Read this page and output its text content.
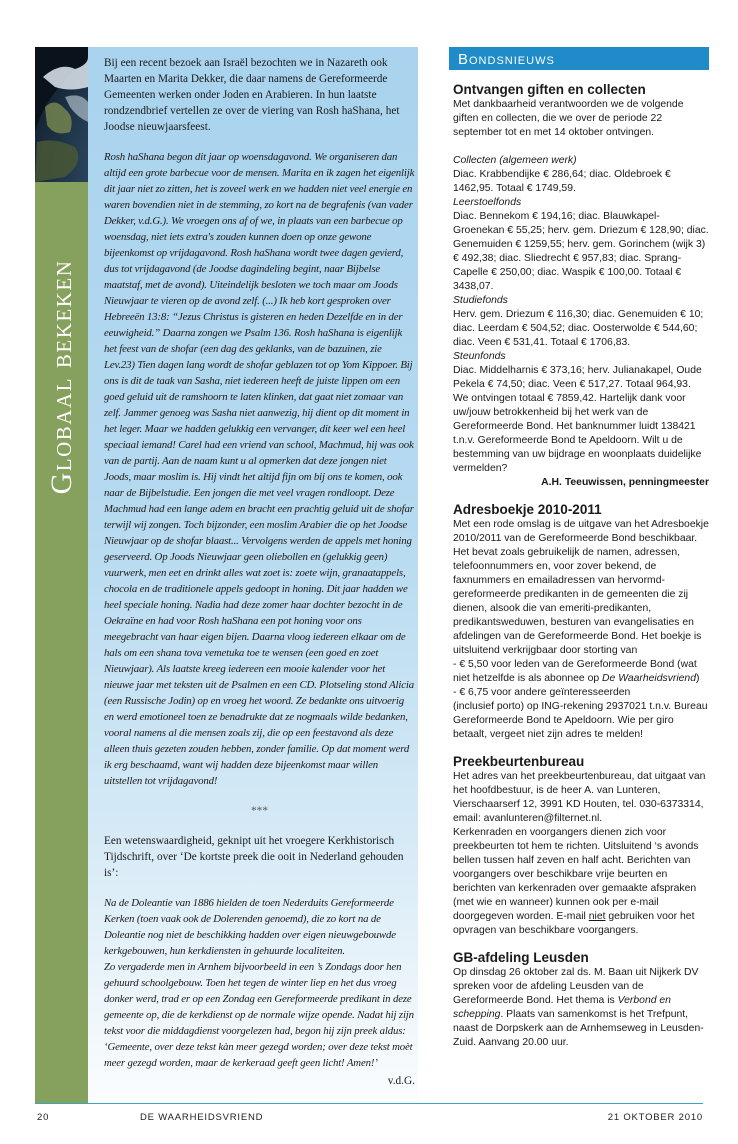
Globaal bekeken

Bij een recent bezoek aan Israël bezochten we in Nazareth ook Maarten en Marita Dekker, die daar namens de Gereformeerde Gemeenten werken onder Joden en Arabieren. In hun laatste rondzendbrief vertellen ze over de viering van Rosh haShana, het Joodse nieuwjaarsfeest.

Rosh haShana begon dit jaar op woensdagavond. We organiseren dan altijd een grote barbecue voor de mensen. Marita en ik zagen het eigenlijk dit jaar niet zo zitten, het is zoveel werk en we hadden niet veel energie en waren bovendien niet in de stemming, zo kort na de begrafenis (van vader Dekker, v.d.G.). We vroegen ons af of we, in plaats van een barbecue op woensdag, niet iets extra's zouden kunnen doen op onze gewone bijeenkomst op vrijdagavond. Rosh haShana wordt twee dagen gevierd, dus tot vrijdagavond (de Joodse dagindeling begint, naar Bijbelse maatstaf, met de avond). Uiteindelijk besloten we toch maar om Joods Nieuwjaar te vieren op de avond zelf. (...) Ik heb kort gesproken over Hebreeën 13:8: “Jezus Christus is gisteren en heden Dezelfde en in der eeuwigheid.” Daarna zongen we Psalm 136. Rosh haShana is eigenlijk het feest van de shofar (een dag des geklanks, van de bazuinen, zie Lev.23) Tien dagen lang wordt de shofar geblazen tot op Yom Kippoer. Bij ons is dit de taak van Sasha, niet iedereen heeft de juiste lippen om een goed geluid uit de ramshoorn te laten klinken, dat gaat niet zomaar van zelf. Jammer genoeg was Sasha niet aanwezig, hij dient op dit moment in het leger. Maar we hadden gelukkig een vervanger, dit keer wel een heel speciaal iemand! Carel had een vriend van school, Machmud, hij was ook van de partij. Aan de naam kunt u al opmerken dat deze jongen niet Joods, maar moslim is. Hij vindt het altijd fijn om bij ons te komen, ook naar de Bijbelstudie. Een jongen die met veel vragen rondloopt. Deze Machmud had een lange adem en bracht een prachtig geluid uit de shofar terwijl wij zongen. Toch bijzonder, een moslim Arabier die op het Joodse Nieuwjaar op de shofar blaast... Vervolgens werden de appels met honing geserveerd. Op Joods Nieuwjaar geen oliebollen en (gelukkig geen) vuurwerk, men eet en drinkt alles wat zoet is: zoete wijn, granaatappels, chocola en de traditionele appels gedoopt in honing. Dit jaar hadden we heel speciale honing. Nadia had deze zomer haar dochter bezocht in de Oekraïne en had voor Rosh haShana een pot honing voor ons meegebracht van haar eigen bijen. Daarna vloog iedereen elkaar om de hals om een shana tova vemetuka toe te wensen (een goed en zoet Nieuwjaar). Als laatste kreeg iedereen een mooie kalender voor het nieuwe jaar met teksten uit de Psalmen en een CD. Plotseling stond Alicia (een Russische Jodin) op en vroeg het woord. Ze bedankte ons uitvoerig en werd emotioneel toen ze benadrukte dat ze nogmaals wilde bedanken, vooral namens al die mensen zoals zij, die op een feestavond als deze alleen thuis gezeten zouden hebben, zonder familie. Op dat moment werd ik erg beschaamd, want wij hadden deze bijeenkomst maar willen uitstellen tot vrijdagavond!

***

Een wetenswaardigheid, geknipt uit het vroegere Kerkhistorisch Tijdschrift, over ‘De kortste preek die ooit in Nederland gehouden is’:

Na de Doleantie van 1886 hielden de toen Nederduits Gereformeerde Kerken (toen vaak ook de Dolerenden genoemd), die zo kort na de Doleantie nog niet de beschikking hadden over eigen nieuwgebouwde kerkgebouwen, hun kerkdiensten in gehuurde localiteiten.

Zo vergaderde men in Arnhem bijvoorbeeld in een ’s Zondags door hen gehuurd schoolgebouw. Toen het tegen de winter liep en het dus vroeg donker werd, trad er op een Zondag een Gereformeerde predikant in deze gemeente op, die de kerkdienst op de normale wijze opende. Nadat hij zijn tekst voor die middagdienst voorgelezen had, begon hij zijn preek aldus: ‘Gemeente, over deze tekst kàn meer gezegd worden; over deze tekst moèt meer gezegd worden, maar de kerkeraad geeft geen licht! Amen!’

v.d.G.

Bondsnieuws
Ontvangen giften en collecten

Met dankbaarheid verantwoorden we de volgende giften en collecten, die we over de periode 22 september tot en met 14 oktober ontvingen.

Collecten (algemeen werk)

Diac. Krabbendijke € 286,64; diac. Oldebroek € 1462,95. Totaal € 1749,59.

Leerstoelfonds

Diac. Bennekom € 194,16; diac. Blauwkapel-Groenekan € 55,25; herv. gem. Driezum € 128,90; diac. Genemuiden € 1259,55; herv. gem. Gorinchem (wijk 3) € 492,38; diac. Sliedrecht € 957,83; diac. Sprang-Capelle € 250,00; diac. Waspik € 100,00. Totaal € 3438,07.

Studiefonds

Herv. gem. Driezum € 116,30; diac. Genemuiden € 10; diac. Leerdam € 504,52; diac. Oosterwolde € 544,60; diac. Veen € 531,41. Totaal € 1706,83.

Steunfonds

Diac. Middelharnis € 373,16; herv. Julianakapel, Oude Pekela € 74,50; diac. Veen € 517,27. Totaal 964,93.

We ontvingen totaal € 7859,42. Hartelijk dank voor uw/jouw betrokkenheid bij het werk van de Gereformeerde Bond. Het banknummer luidt 138421 t.n.v. Gereformeerde Bond te Apeldoorn. Wilt u de bestemming van uw bijdrage en woonplaats duidelijke vermelden?

A.H. Teeuwissen, penningmeester

Adresboekje 2010-2011

Met een rode omslag is de uitgave van het Adresboekje 2010/2011 van de Gereformeerde Bond beschikbaar. Het bevat zoals gebruikelijk de namen, adressen, telefoonnummers en, voor zover bekend, de faxnummers en emailadressen van hervormd-gereformeerde predikanten in de gemeenten die zij dienen, alsook die van emeriti-predikanten, predikantsweduwen, besturen van evangelisaties en afdelingen van de Gereformeerde Bond. Het boekje is uitsluitend verkrijgbaar door storting van

- € 5,50 voor leden van de Gereformeerde Bond (wat niet hetzelfde is als abonnee op De Waarheidsvriend)

- € 6,75 voor andere geïnteresseerden

(inclusief porto) op ING-rekening 2937021 t.n.v. Bureau Gereformeerde Bond te Apeldoorn. Wie per giro betaalt, vergeet niet zijn adres te melden!

Preekbeurtenbureau

Het adres van het preekbeurtenbureau, dat uitgaat van het hoofdbestuur, is de heer A. van Lunteren, Vierschaarserf 12, 3991 KD Houten, tel. 030-6373314, email: avanlunteren@filternet.nl.

Kerkenraden en voorgangers dienen zich voor preekbeurten tot hem te richten. Uitsluitend ‘s avonds bellen tussen half zeven en half acht. Berichten van voorgangers over beschikbare vrije beurten en berichten van kerkenraden over gemaakte afspraken (met wie en wanneer) kunnen ook per e-mail doorgegeven worden. E-mail niet gebruiken voor het opvragen van beschikbare voorgangers.

GB-afdeling Leusden

Op dinsdag 26 oktober zal ds. M. Baan uit Nijkerk DV spreken voor de afdeling Leusden van de Gereformeerde Bond. Het thema is Verbond en schepping. Plaats van samenkomst is het Trefpunt, naast de Dorpskerk aan de Arnhemseweg in Leusden- Zuid. Aanvang 20.00 uur.

20	DE WAARHEIDSVRIEND	21 OKTOBER 2010
